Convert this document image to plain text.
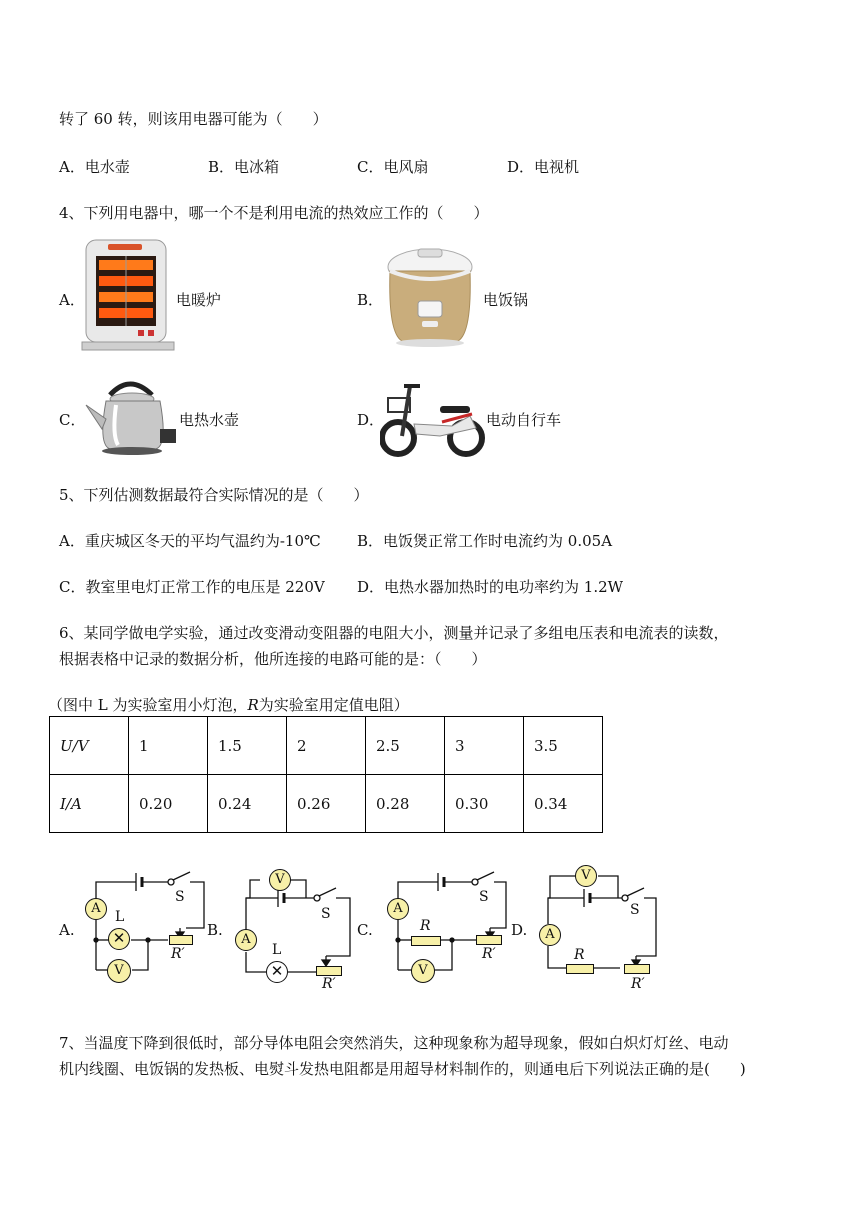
转了 60 转，则该用电器可能为（　　）
A．电水壶	B．电冰箱	C．电风扇	D．电视机
4、下列用电器中，哪一个不是利用电流的热效应工作的（　　）
A．	电暖炉	B．	电饭锅
C．	电热水壶	D．	电动自行车
5、下列估测数据最符合实际情况的是（　　）
A．重庆城区冬天的平均气温约为-10℃ B．电饭煲正常工作时电流约为 0.05A
C．教室里电灯正常工作的电压是 220V D．电热水器加热时的电功率约为 1.2W
6、某同学做电学实验，通过改变滑动变阻器的电阻大小，测量并记录了多组电压表和电流表的读数，
根据表格中记录的数据分析，他所连接的电路可能的是：（　　）
（图中 L 为实验室用小灯泡，R为实验室用定值电阻）
U/V	1	1.5	2	2.5	3	3.5
I/A	0.20	0.24	0.26	0.28	0.30	0.34
A.	B.	C.	D.
A
✕
L
V
R′
S
V
A
✕
L
R′
S	A
R
V
R′
S
V
A
R
R′
S
7、当温度下降到很低时，部分导体电阻会突然消失，这种现象称为超导现象，假如白炽灯灯丝、电动
机内线圈、电饭锅的发热板、电熨斗发热电阻都是用超导材料制作的，则通电后下列说法正确的是(　　)
